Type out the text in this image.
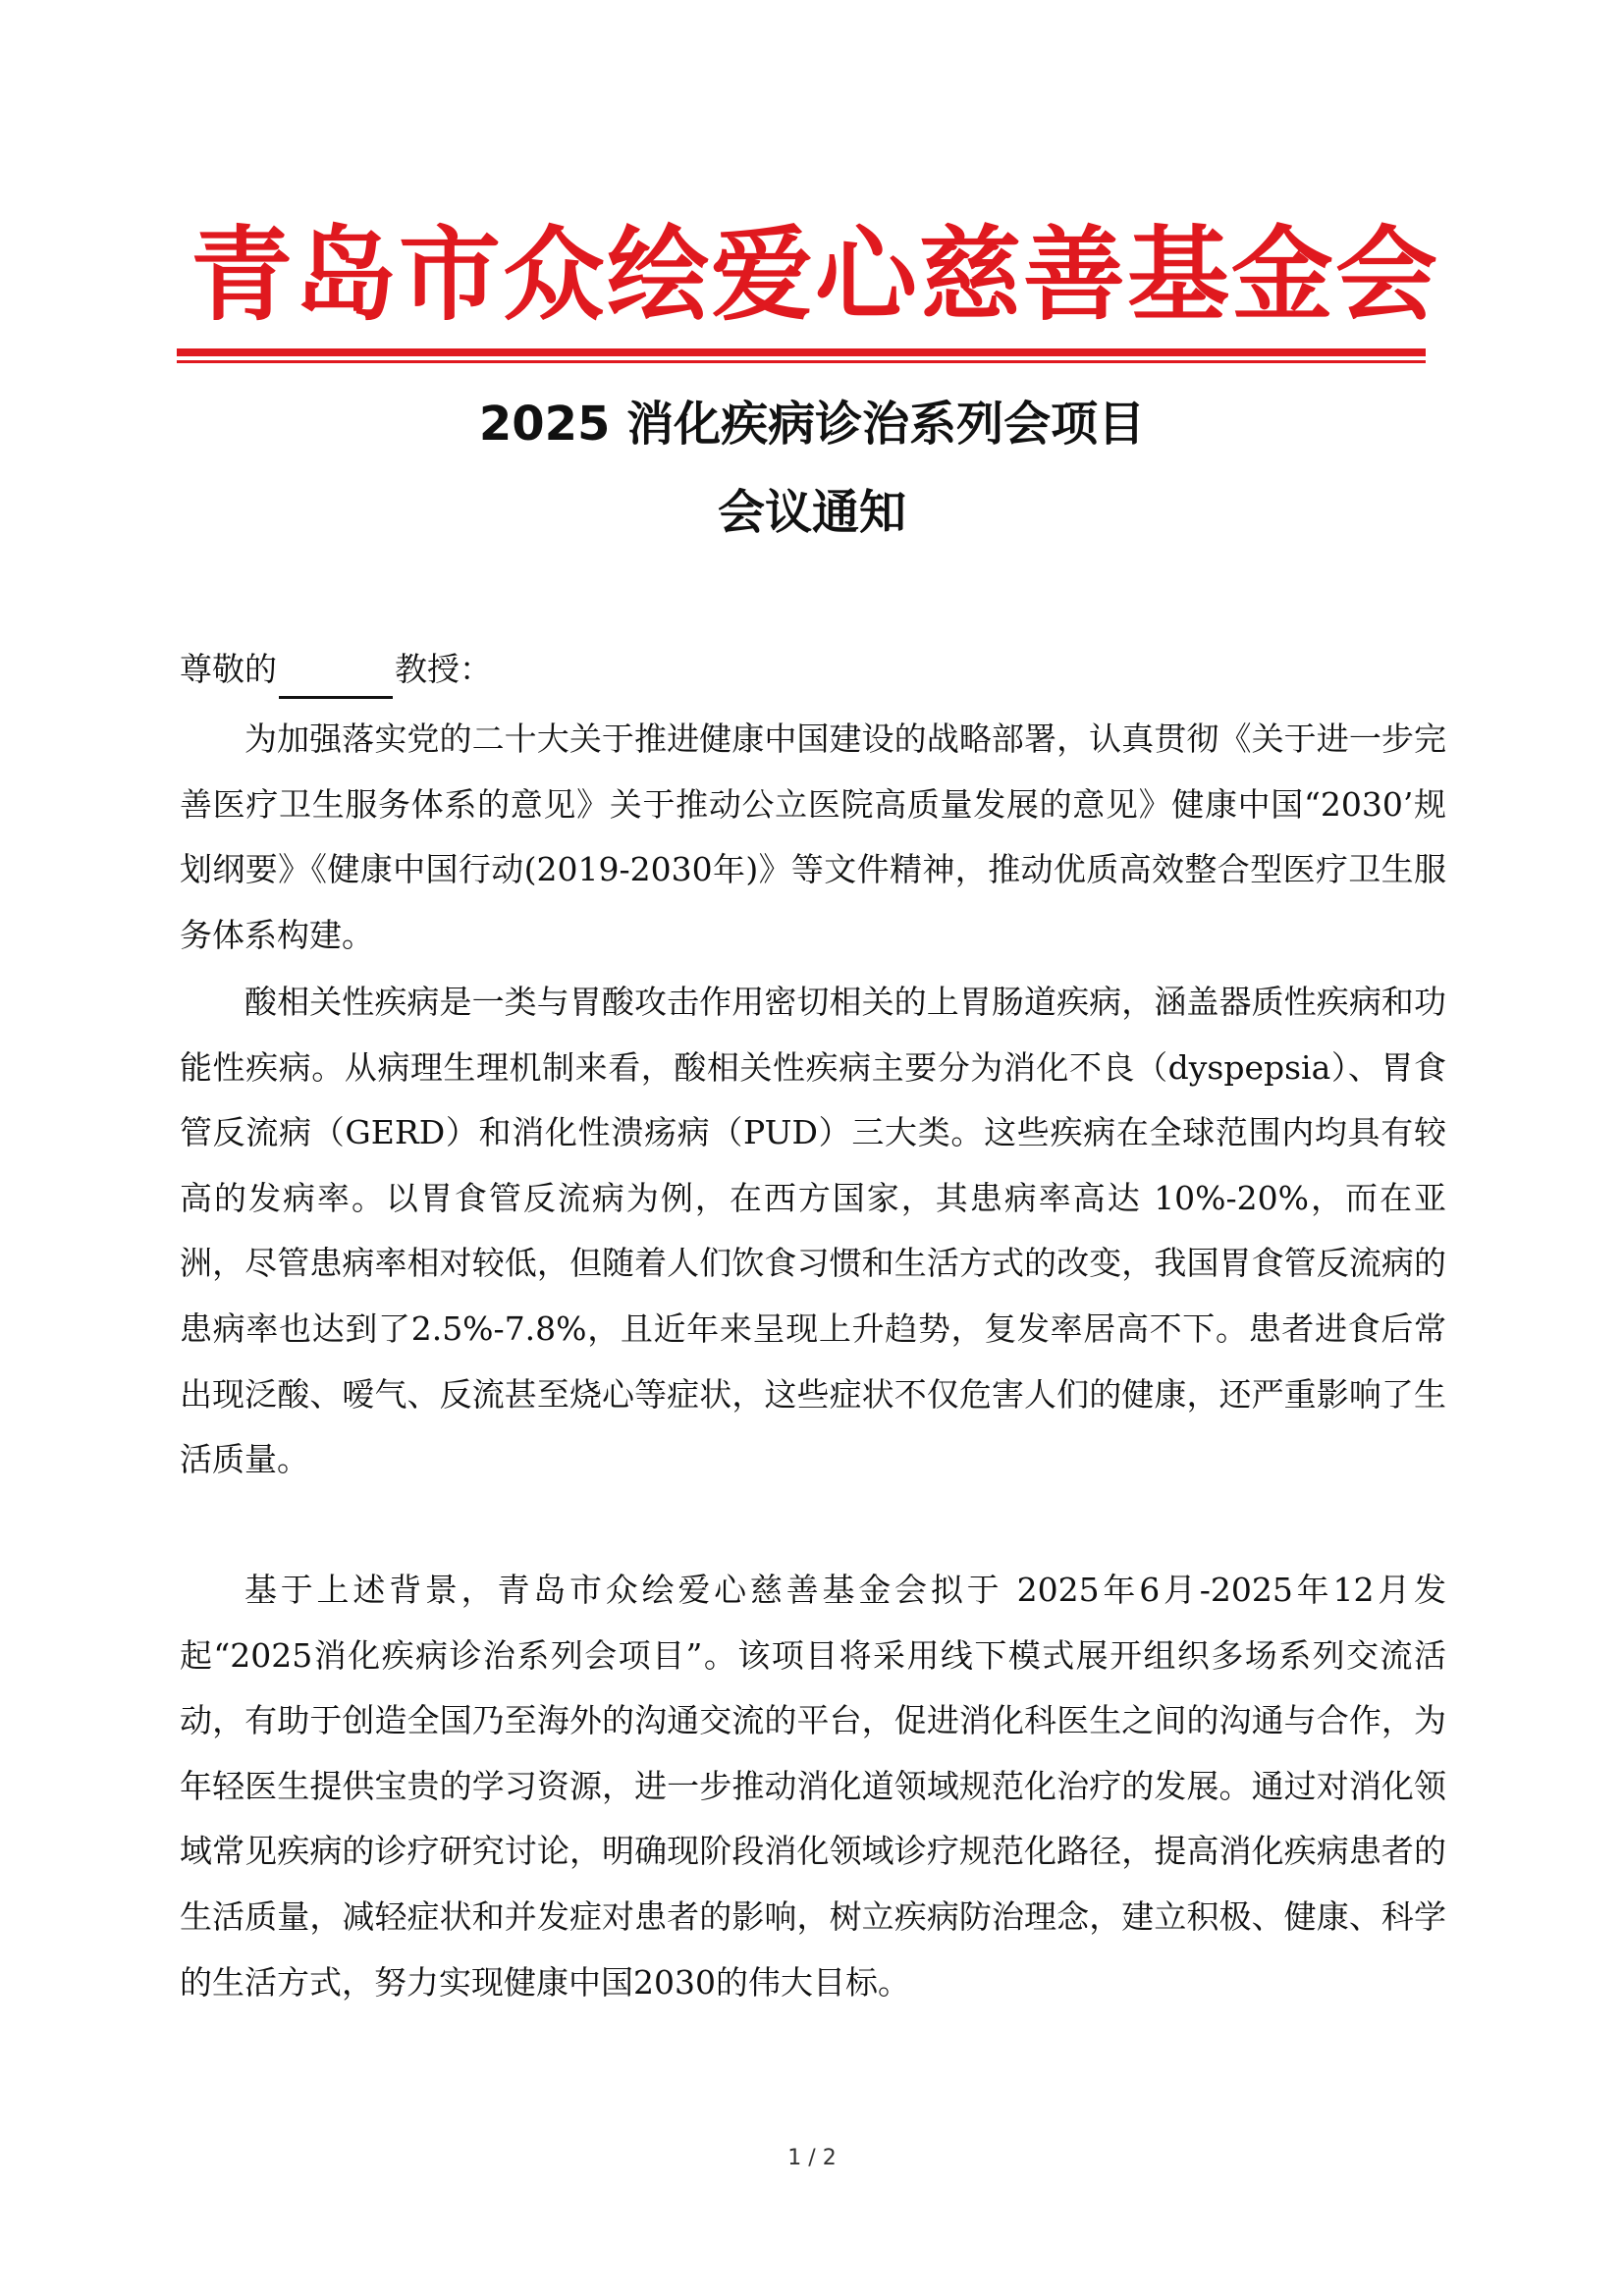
青岛市众绘爱心慈善基金会
2025 消化疾病诊治系列会项目
会议通知
尊敬的	教授：

为加强落实党的二十大关于推进健康中国建设的战略部署，认真贯彻《关于进一步完善医疗卫生服务体系的意见》关于推动公立医院高质量发展的意见》健康中国“2030’规划纲要》《健康中国行动(2019-2030年)》等文件精神，推动优质高效整合型医疗卫生服务体系构建。

酸相关性疾病是一类与胃酸攻击作用密切相关的上胃肠道疾病，涵盖器质性疾病和功能性疾病。从病理生理机制来看，酸相关性疾病主要分为消化不良（dyspepsia）、胃食管反流病（GERD）和消化性溃疡病（PUD）三大类。这些疾病在全球范围内均具有较高的发病率。以胃食管反流病为例，在西方国家，其患病率高达 10%-20%，而在亚洲，尽管患病率相对较低，但随着人们饮食习惯和生活方式的改变，我国胃食管反流病的患病率也达到了2.5%-7.8%，且近年来呈现上升趋势，复发率居高不下。患者进食后常出现泛酸、嗳气、反流甚至烧心等症状，这些症状不仅危害人们的健康，还严重影响了生活质量。

基于上述背景，青岛市众绘爱心慈善基金会拟于 2025年6月-2025年12月发起“2025消化疾病诊治系列会项目”。该项目将采用线下模式展开组织多场系列交流活动，有助于创造全国乃至海外的沟通交流的平台，促进消化科医生之间的沟通与合作，为年轻医生提供宝贵的学习资源，进一步推动消化道领域规范化治疗的发展。通过对消化领域常见疾病的诊疗研究讨论，明确现阶段消化领域诊疗规范化路径，提高消化疾病患者的生活质量，减轻症状和并发症对患者的影响，树立疾病防治理念，建立积极、健康、科学的生活方式，努力实现健康中国2030的伟大目标。

1 / 2
